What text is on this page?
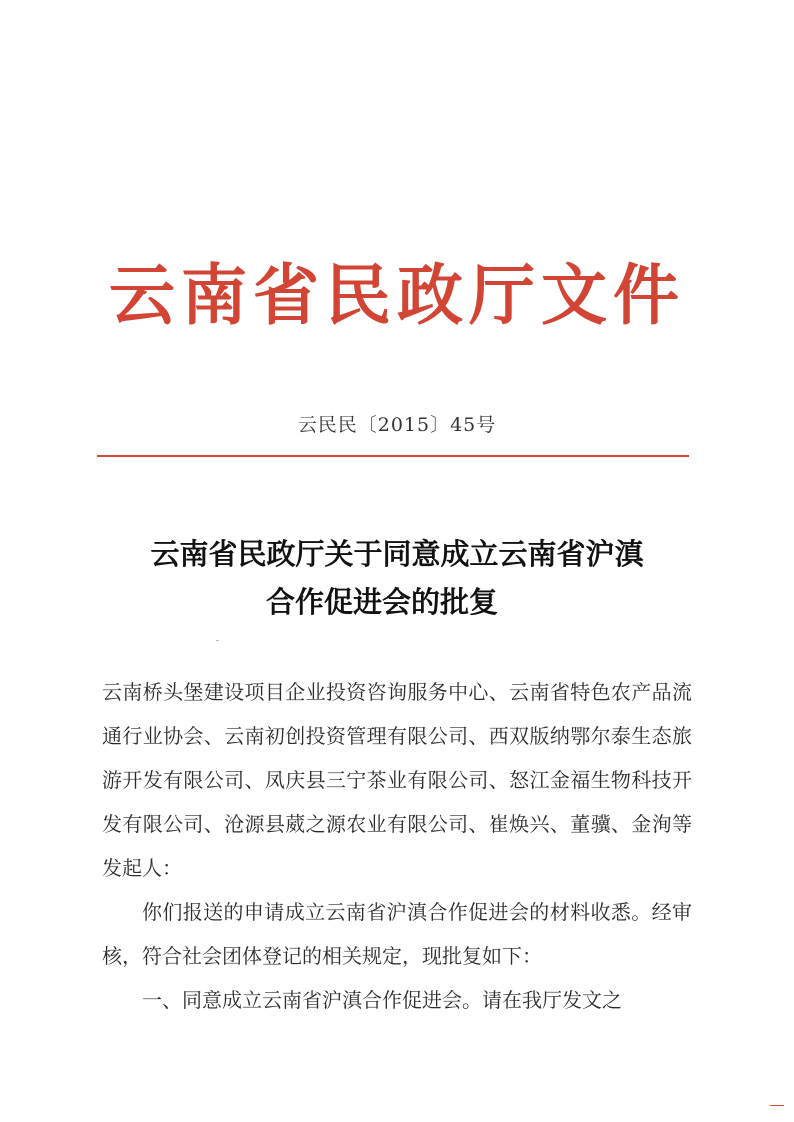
云南省民政厅文件
云民民〔2015〕45号
云南省民政厅关于同意成立云南省沪滇
合作促进会的批复

云南桥头堡建设项目企业投资咨询服务中心、云南省特色农产品流通行业协会、云南初创投资管理有限公司、西双版纳鄂尔泰生态旅游开发有限公司、凤庆县三宁茶业有限公司、怒江金福生物科技开发有限公司、沧源县葳之源农业有限公司、崔焕兴、董骥、金洵等发起人：

你们报送的申请成立云南省沪滇合作促进会的材料收悉。经审核，符合社会团体登记的相关规定，现批复如下：

一、同意成立云南省沪滇合作促进会。请在我厅发文之
